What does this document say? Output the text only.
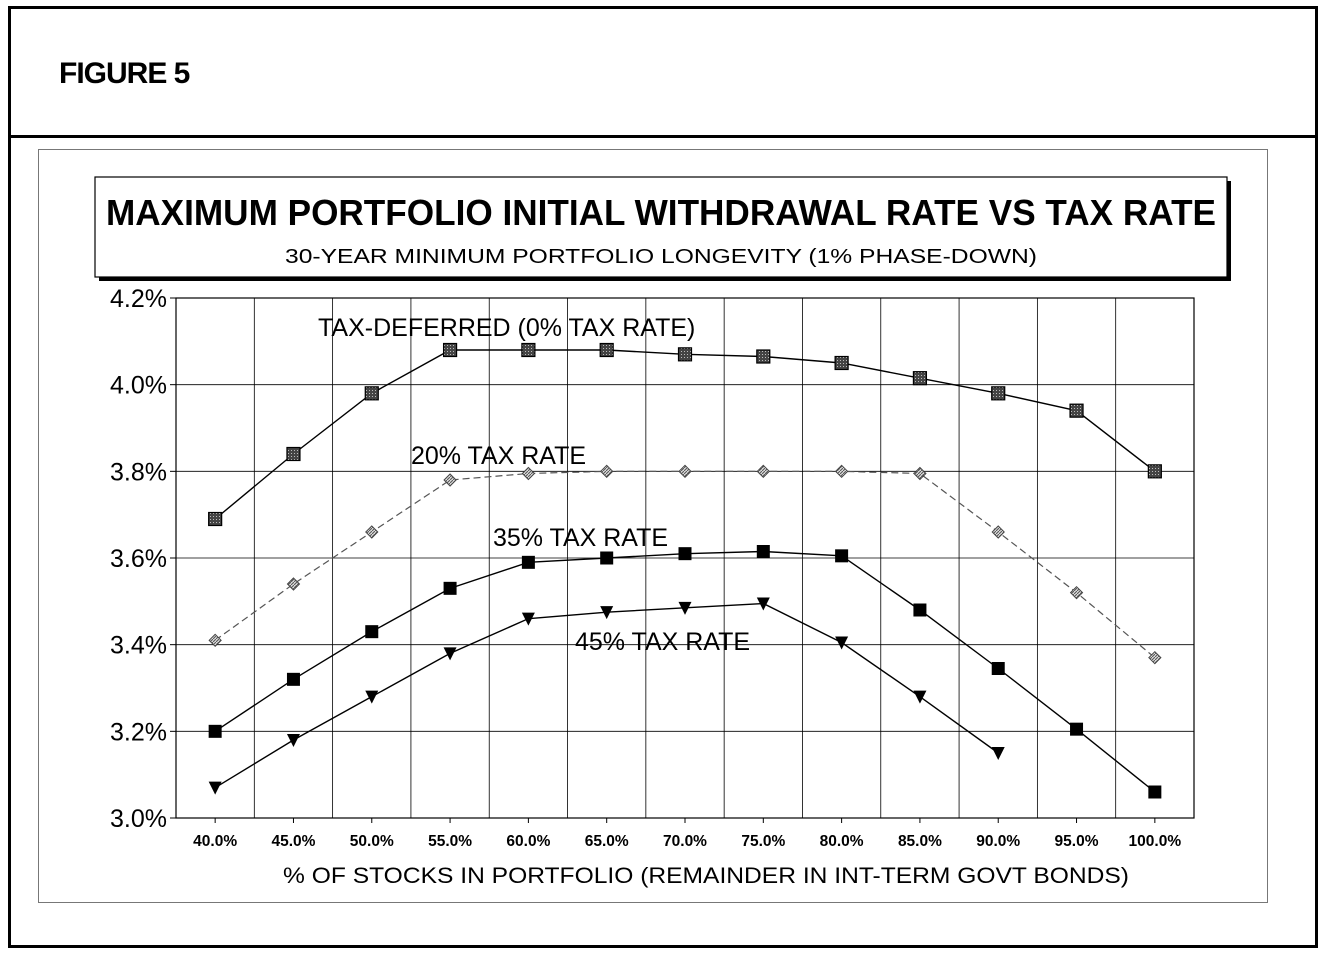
FIGURE 5
MAXIMUM PORTFOLIO INITIAL WITHDRAWAL RATE VS TAX RATE
30-YEAR MINIMUM PORTFOLIO LONGEVITY (1% PHASE-DOWN)
4.2%
4.0%
3.8%
3.6%
3.4%
3.2%
3.0%
40.0% 45.0% 50.0% 55.0% 60.0% 65.0% 70.0% 75.0% 80.0% 85.0% 90.0% 95.0% 100.0%
TAX-DEFERRED (0% TAX RATE)
20% TAX RATE
35% TAX RATE
45% TAX RATE
% OF STOCKS IN PORTFOLIO (REMAINDER IN INT-TERM GOVT BONDS)
